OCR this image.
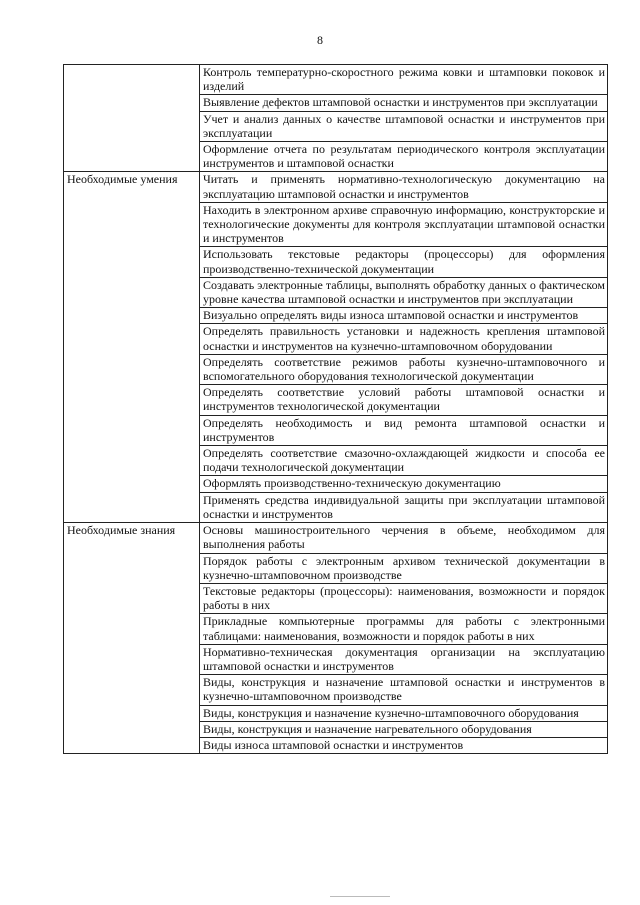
8
	Контроль температурно-скоростного режима ковки и штамповки поковок и изделий
	Выявление дефектов штамповой оснастки и инструментов при эксплуатации
	Учет и анализ данных о качестве штамповой оснастки и инструментов при эксплуатации
	Оформление отчета по результатам периодического контроля эксплуатации инструментов и штамповой оснастки
Необходимые умения	Читать и применять нормативно-технологическую документацию на эксплуатацию штамповой оснастки и инструментов
	Находить в электронном архиве справочную информацию, конструкторские и технологические документы для контроля эксплуатации штамповой оснастки и инструментов
	Использовать текстовые редакторы (процессоры) для оформления производственно-технической документации
	Создавать электронные таблицы, выполнять обработку данных о фактическом уровне качества штамповой оснастки и инструментов при эксплуатации
	Визуально определять виды износа штамповой оснастки и инструментов
	Определять правильность установки и надежность крепления штамповой оснастки и инструментов на кузнечно-штамповочном оборудовании
	Определять соответствие режимов работы кузнечно-штамповочного и вспомогательного оборудования технологической документации
	Определять соответствие условий работы штамповой оснастки и инструментов технологической документации
	Определять необходимость и вид ремонта штамповой оснастки и инструментов
	Определять соответствие смазочно-охлаждающей жидкости и способа ее подачи технологической документации
	Оформлять производственно-техническую документацию
	Применять средства индивидуальной защиты при эксплуатации штамповой оснастки и инструментов
Необходимые знания	Основы машиностроительного черчения в объеме, необходимом для выполнения работы
	Порядок работы с электронным архивом технической документации в кузнечно-штамповочном производстве
	Текстовые редакторы (процессоры): наименования, возможности и порядок работы в них
	Прикладные компьютерные программы для работы с электронными таблицами: наименования, возможности и порядок работы в них
	Нормативно-техническая документация организации на эксплуатацию штамповой оснастки и инструментов
	Виды, конструкция и назначение штамповой оснастки и инструментов в кузнечно-штамповочном производстве
	Виды, конструкция и назначение кузнечно-штамповочного оборудования
	Виды, конструкция и назначение нагревательного оборудования
	Виды износа штамповой оснастки и инструментов
